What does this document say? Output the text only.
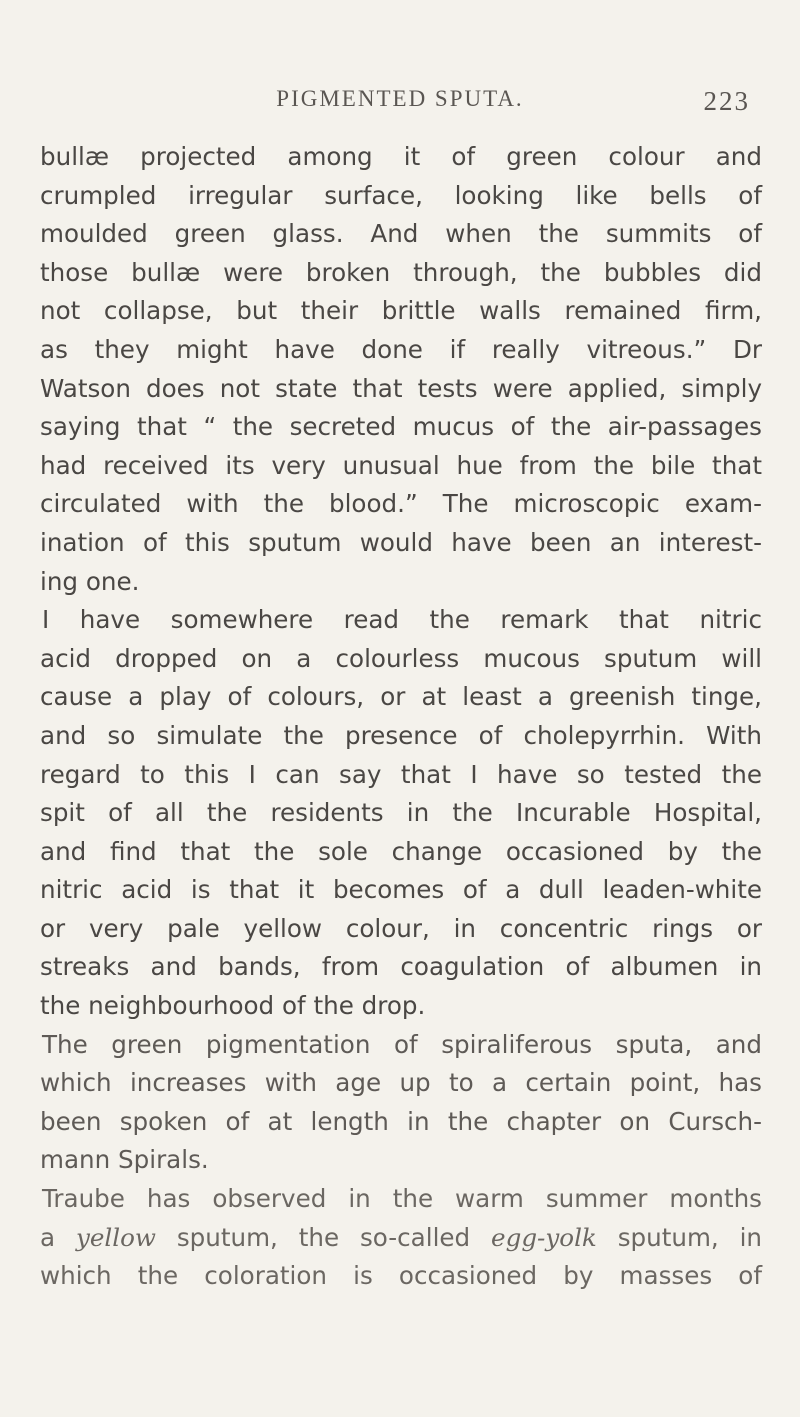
PIGMENTED SPUTA.	223
bullæ projected among it of green colour and
crumpled irregular surface, looking like bells of
moulded green glass. And when the summits of
those bullæ were broken through, the bubbles did
not collapse, but their brittle walls remained firm,
as they might have done if really vitreous.” Dr
Watson does not state that tests were applied, simply
saying that “ the secreted mucus of the air-passages
had received its very unusual hue from the bile that
circulated with the blood.” The microscopic exam-
ination of this sputum would have been an interest-
ing one.
I have somewhere read the remark that nitric
acid dropped on a colourless mucous sputum will
cause a play of colours, or at least a greenish tinge,
and so simulate the presence of cholepyrrhin. With
regard to this I can say that I have so tested the
spit of all the residents in the Incurable Hospital,
and find that the sole change occasioned by the
nitric acid is that it becomes of a dull leaden-white
or very pale yellow colour, in concentric rings or
streaks and bands, from coagulation of albumen in
the neighbourhood of the drop.
The green pigmentation of spiraliferous sputa, and
which increases with age up to a certain point, has
been spoken of at length in the chapter on Cursch-
mann Spirals.
Traube has observed in the warm summer months
a yellow sputum, the so-called egg-yolk sputum, in
which the coloration is occasioned by masses of
